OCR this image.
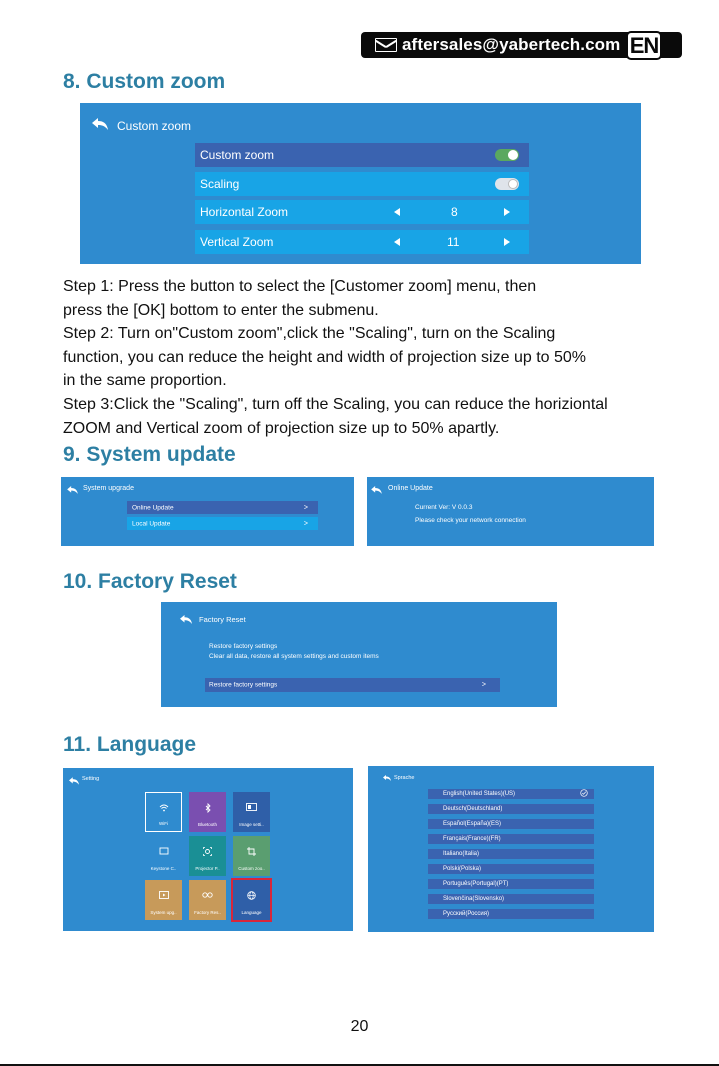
aftersales@yabertech.com EN
8. Custom zoom
Custom zoom
Custom zoom
Scaling
Horizontal Zoom	8
Vertical Zoom	11
Step 1: Press the button to select the [Customer zoom] menu, then
press the [OK] bottom to enter the submenu.
Step 2: Turn on"Custom zoom",click the "Scaling", turn on the Scaling
function, you can reduce the height and width of projection size up to 50%
in the same proportion.
Step 3:Click the "Scaling", turn off the Scaling, you can reduce the horiziontal
ZOOM and Vertical zoom of projection size up to 50% apartly.
9. System update
System upgrade
Online Update	>
Local Update	>
Online Update
Current Ver: V 0.0.3
Please check your network connection
10. Factory Reset
Factory Reset
Restore factory settings
Clear all data, restore all system settings and custom items
Restore factory settings	>
11. Language
Setting
WiFi	Bluetooth	Image setti..
Keystone C..	Projector P..	Custom zoo..
System upg..	Factory Res..	Language
Sprache
English(United States)(US)
Deutsch(Deutschland)
Español(España)(ES)
Français(France)(FR)
Italiano(Italia)
Polski(Polska)
Português(Portugal)(PT)
Slovenčina(Slovensko)
Pyccкий(Россия)
20
